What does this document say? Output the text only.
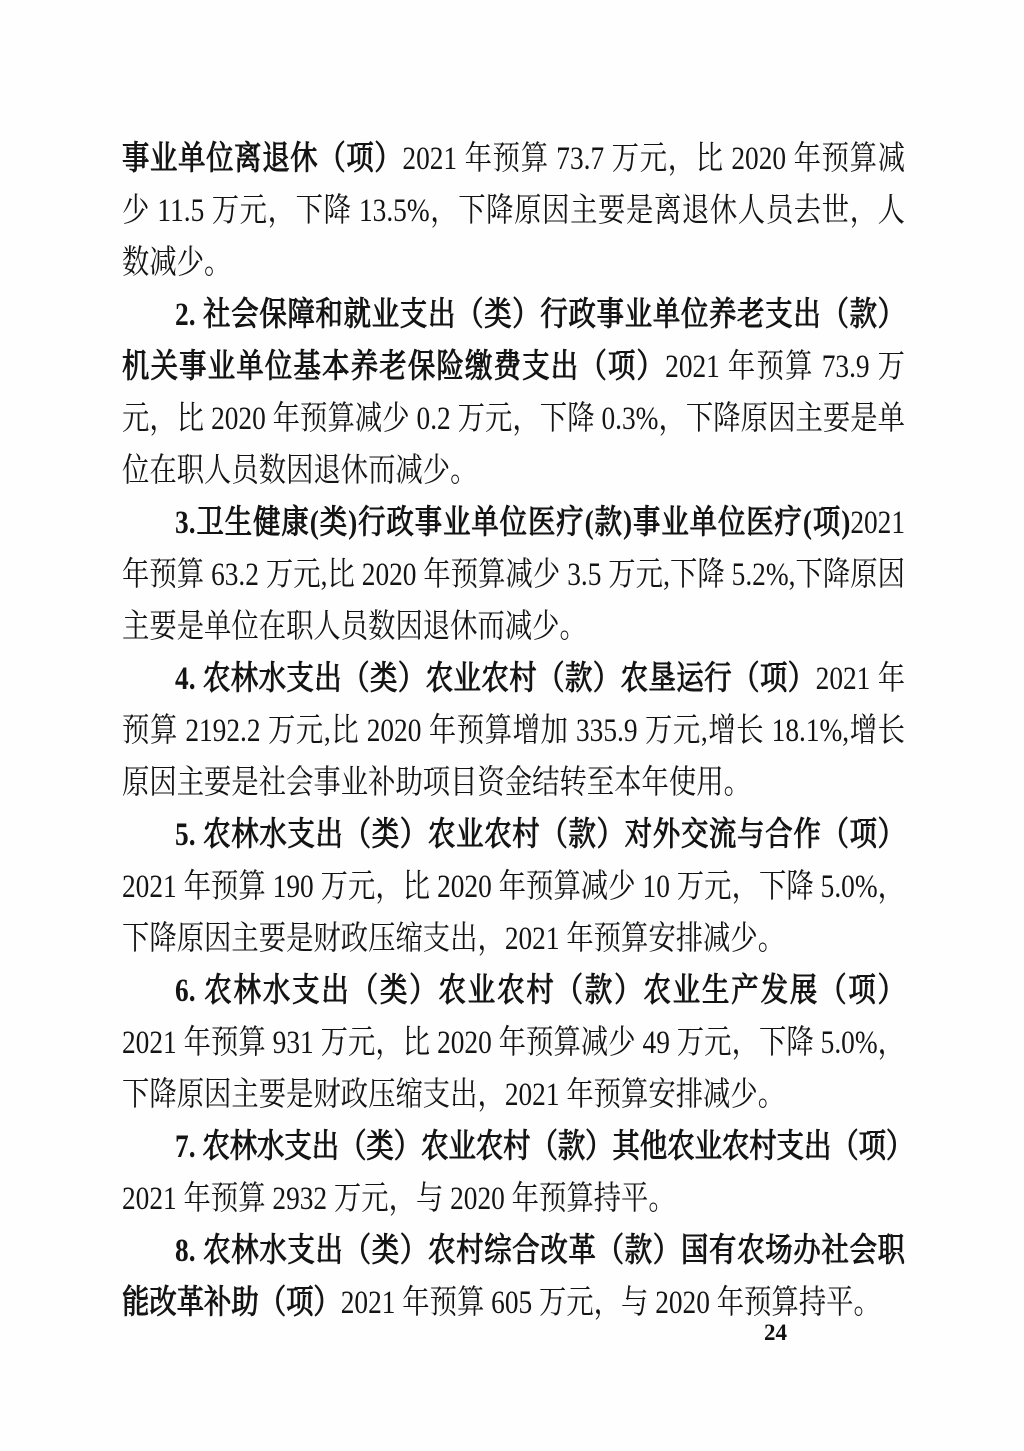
事业单位离退休（项）2021 年预算 73.7 万元，比 2020 年预算减少 11.5 万元，下降 13.5%，下降原因主要是离退休人员去世，人数减少。

2. 社会保障和就业支出（类）行政事业单位养老支出（款）机关事业单位基本养老保险缴费支出（项）2021 年预算 73.9 万元，比 2020 年预算减少 0.2 万元，下降 0.3%，下降原因主要是单位在职人员数因退休而减少。

3.卫生健康(类)行政事业单位医疗(款)事业单位医疗(项)2021 年预算 63.2 万元,比 2020 年预算减少 3.5 万元,下降 5.2%,下降原因主要是单位在职人员数因退休而减少。

4. 农林水支出（类）农业农村（款）农垦运行（项）2021 年预算 2192.2 万元,比 2020 年预算增加 335.9 万元,增长 18.1%,增长原因主要是社会事业补助项目资金结转至本年使用。

5. 农林水支出（类）农业农村（款）对外交流与合作（项）2021 年预算 190 万元，比 2020 年预算减少 10 万元，下降 5.0%，下降原因主要是财政压缩支出，2021 年预算安排减少。

6. 农林水支出（类）农业农村（款）农业生产发展（项）2021 年预算 931 万元，比 2020 年预算减少 49 万元，下降 5.0%，下降原因主要是财政压缩支出，2021 年预算安排减少。

7. 农林水支出（类）农业农村（款）其他农业农村支出（项）2021 年预算 2932 万元，与 2020 年预算持平。

8. 农林水支出（类）农村综合改革（款）国有农场办社会职能改革补助（项）2021 年预算 605 万元，与 2020 年预算持平。

24
